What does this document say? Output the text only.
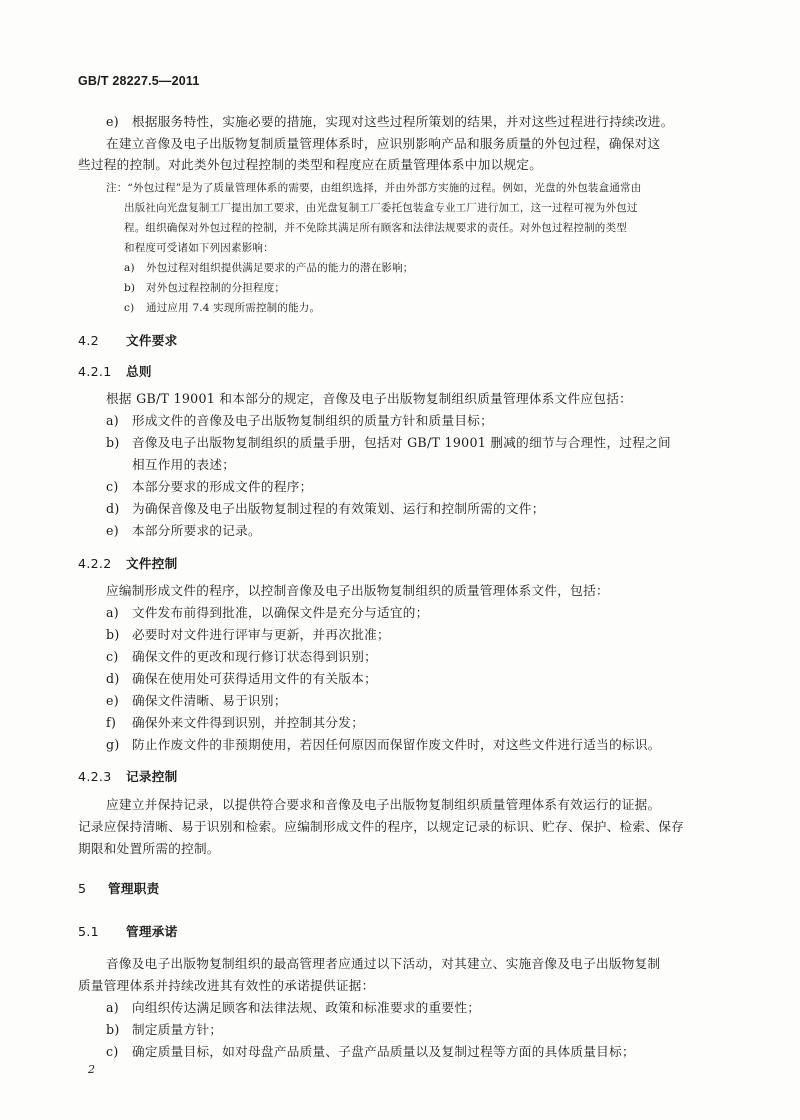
GB/T 28227.5—2011
e) 根据服务特性，实施必要的措施，实现对这些过程所策划的结果，并对这些过程进行持续改进。
在建立音像及电子出版物复制质量管理体系时，应识别影响产品和服务质量的外包过程，确保对这
些过程的控制。对此类外包过程控制的类型和程度应在质量管理体系中加以规定。
注：“外包过程”是为了质量管理体系的需要，由组织选择，并由外部方实施的过程。例如，光盘的外包装盒通常由
出版社向光盘复制工厂提出加工要求，由光盘复制工厂委托包装盒专业工厂进行加工，这一过程可视为外包过
程。组织确保对外包过程的控制，并不免除其满足所有顾客和法律法规要求的责任。对外包过程控制的类型
和程度可受诸如下列因素影响：
a) 外包过程对组织提供满足要求的产品的能力的潜在影响；
b) 对外包过程控制的分担程度；
c) 通过应用 7.4 实现所需控制的能力。
4.2 文件要求
4.2.1 总则
根据 GB/T 19001 和本部分的规定，音像及电子出版物复制组织质量管理体系文件应包括：
a) 形成文件的音像及电子出版物复制组织的质量方针和质量目标；
b) 音像及电子出版物复制组织的质量手册，包括对 GB/T 19001 删减的细节与合理性，过程之间
相互作用的表述；
c) 本部分要求的形成文件的程序；
d) 为确保音像及电子出版物复制过程的有效策划、运行和控制所需的文件；
e) 本部分所要求的记录。
4.2.2 文件控制
应编制形成文件的程序，以控制音像及电子出版物复制组织的质量管理体系文件，包括：
a) 文件发布前得到批准，以确保文件是充分与适宜的；
b) 必要时对文件进行评审与更新，并再次批准；
c) 确保文件的更改和现行修订状态得到识别；
d) 确保在使用处可获得适用文件的有关版本；
e) 确保文件清晰、易于识别；
f) 确保外来文件得到识别，并控制其分发；
g) 防止作废文件的非预期使用，若因任何原因而保留作废文件时，对这些文件进行适当的标识。
4.2.3 记录控制
应建立并保持记录，以提供符合要求和音像及电子出版物复制组织质量管理体系有效运行的证据。
记录应保持清晰、易于识别和检索。应编制形成文件的程序，以规定记录的标识、贮存、保护、检索、保存
期限和处置所需的控制。
5 管理职责
5.1 管理承诺
音像及电子出版物复制组织的最高管理者应通过以下活动，对其建立、实施音像及电子出版物复制
质量管理体系并持续改进其有效性的承诺提供证据：
a) 向组织传达满足顾客和法律法规、政策和标准要求的重要性；
b) 制定质量方针；
c) 确定质量目标，如对母盘产品质量、子盘产品质量以及复制过程等方面的具体质量目标；
2
